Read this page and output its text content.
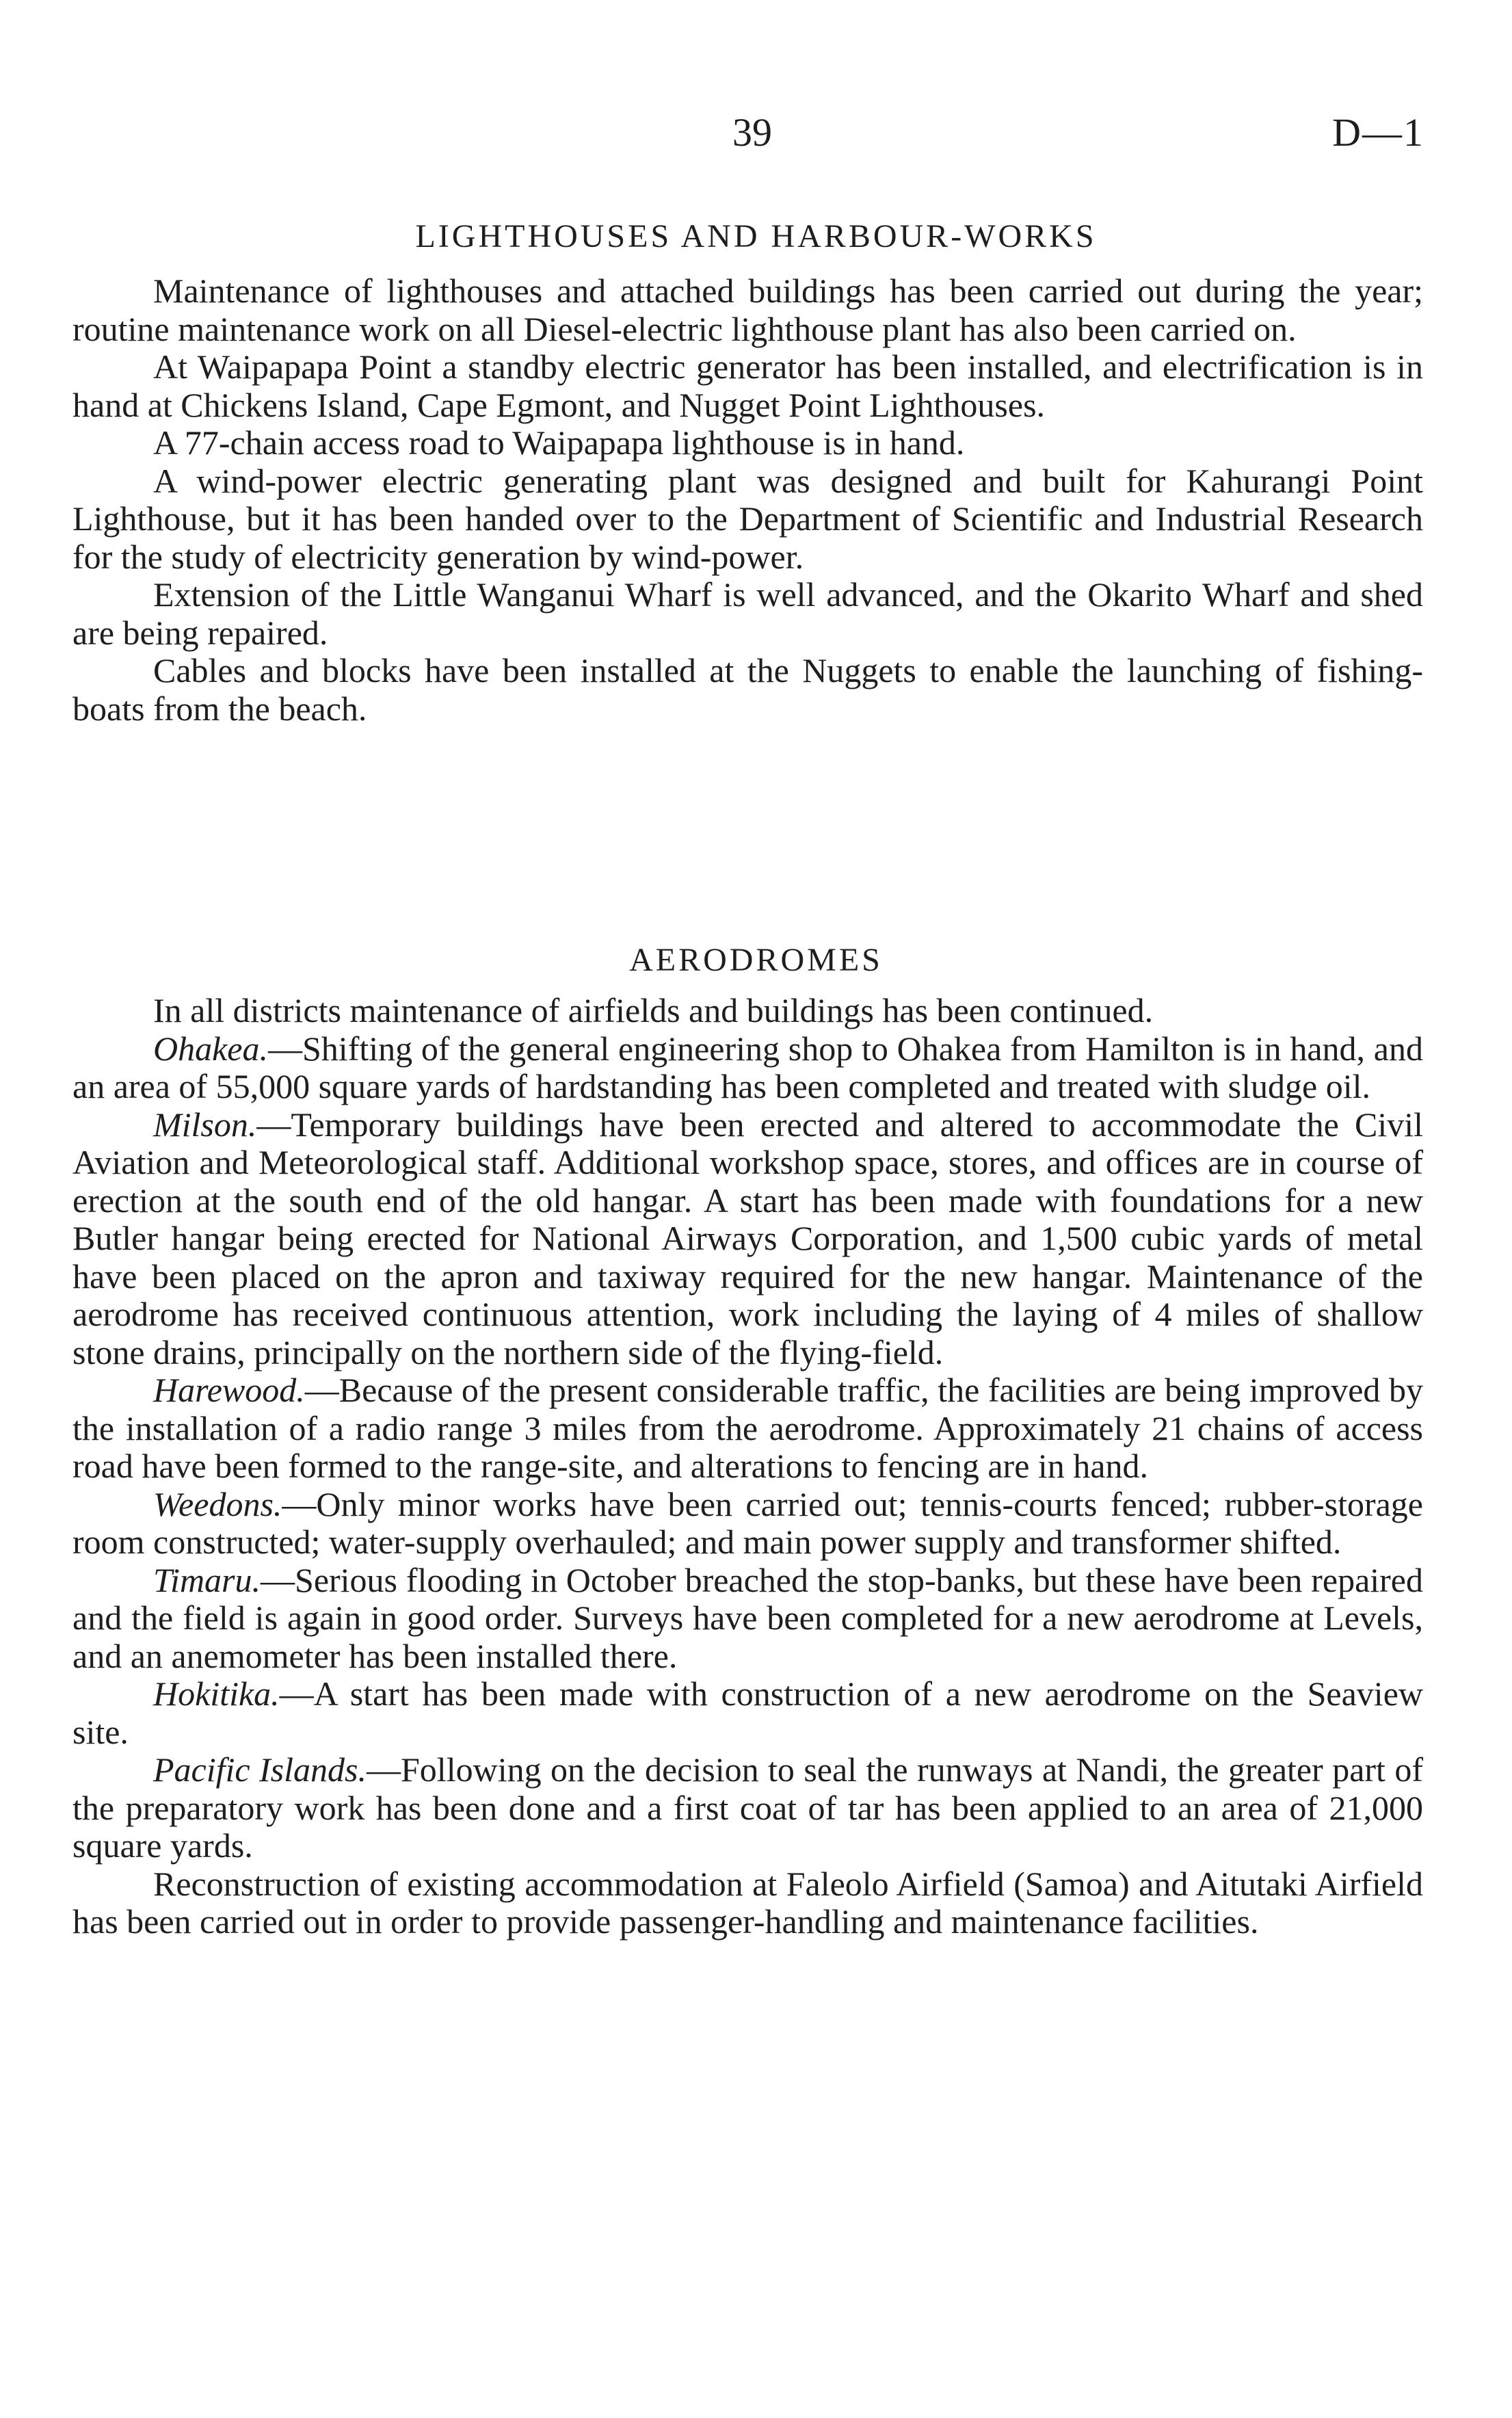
39	D—1
LIGHTHOUSES AND HARBOUR-WORKS

Maintenance of lighthouses and attached buildings has been carried out during the year; routine maintenance work on all Diesel-electric lighthouse plant has also been carried on.

At Waipapapa Point a standby electric generator has been installed, and electrification is in hand at Chickens Island, Cape Egmont, and Nugget Point Lighthouses.

A 77-chain access road to Waipapapa lighthouse is in hand.

A wind-power electric generating plant was designed and built for Kahurangi Point Lighthouse, but it has been handed over to the Department of Scientific and Industrial Research for the study of electricity generation by wind-power.

Extension of the Little Wanganui Wharf is well advanced, and the Okarito Wharf and shed are being repaired.

Cables and blocks have been installed at the Nuggets to enable the launching of fishing-boats from the beach.

AERODROMES

In all districts maintenance of airfields and buildings has been continued.

Ohakea.—Shifting of the general engineering shop to Ohakea from Hamilton is in hand, and an area of 55,000 square yards of hardstanding has been completed and treated with sludge oil.

Milson.—Temporary buildings have been erected and altered to accommodate the Civil Aviation and Meteorological staff. Additional workshop space, stores, and offices are in course of erection at the south end of the old hangar. A start has been made with foundations for a new Butler hangar being erected for National Airways Corporation, and 1,500 cubic yards of metal have been placed on the apron and taxiway required for the new hangar. Maintenance of the aerodrome has received continuous attention, work including the laying of 4 miles of shallow stone drains, principally on the northern side of the flying-field.

Harewood.—Because of the present considerable traffic, the facilities are being improved by the installation of a radio range 3 miles from the aerodrome. Approximately 21 chains of access road have been formed to the range-site, and alterations to fencing are in hand.

Weedons.—Only minor works have been carried out; tennis-courts fenced; rubber-storage room constructed; water-supply overhauled; and main power supply and transformer shifted.

Timaru.—Serious flooding in October breached the stop-banks, but these have been repaired and the field is again in good order. Surveys have been completed for a new aerodrome at Levels, and an anemometer has been installed there.

Hokitika.—A start has been made with construction of a new aerodrome on the Seaview site.

Pacific Islands.—Following on the decision to seal the runways at Nandi, the greater part of the preparatory work has been done and a first coat of tar has been applied to an area of 21,000 square yards.

Reconstruction of existing accommodation at Faleolo Airfield (Samoa) and Aitutaki Airfield has been carried out in order to provide passenger-handling and maintenance facilities.
